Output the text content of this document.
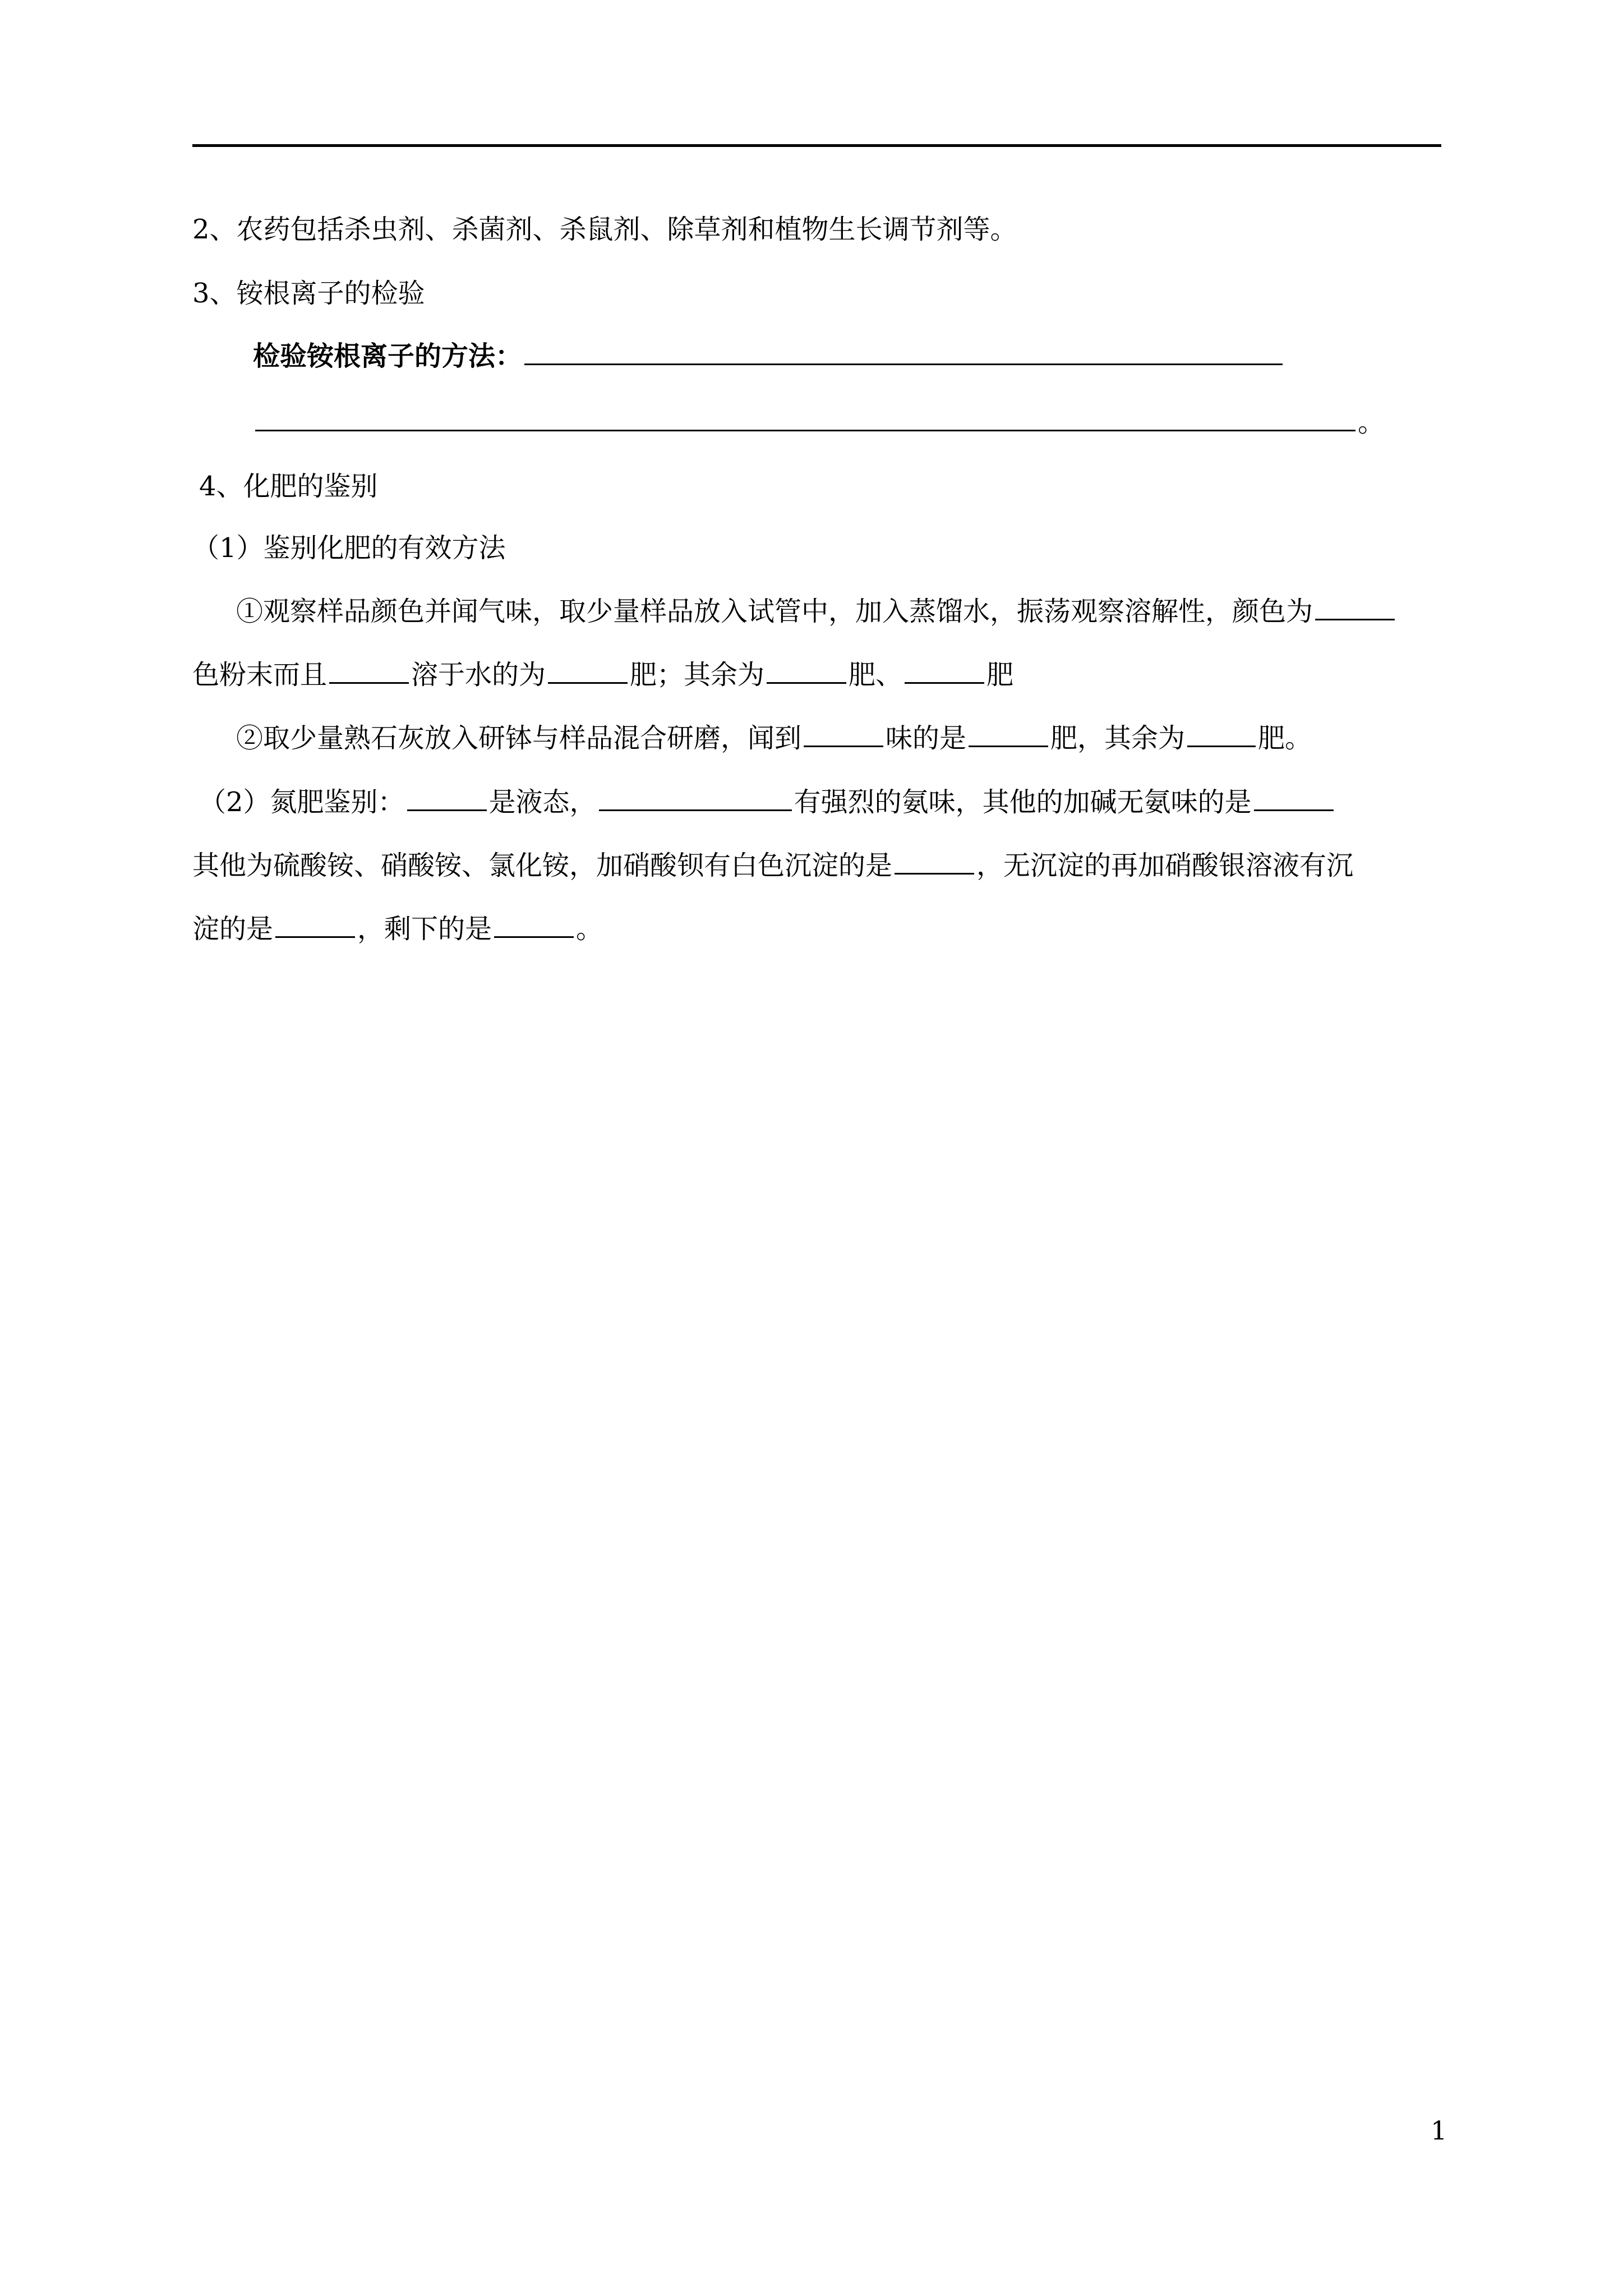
2、农药包括杀虫剂、杀菌剂、杀鼠剂、除草剂和植物生长调节剂等。
3、铵根离子的检验
检验铵根离子的方法：
。
4、化肥的鉴别
（1）鉴别化肥的有效方法
①观察样品颜色并闻气味，取少量样品放入试管中，加入蒸馏水，振荡观察溶解性，颜色为
色粉末而且	溶于水的为	肥；其余为	肥、	肥
②取少量熟石灰放入研钵与样品混合研磨，闻到	味的是	肥，其余为	肥。
（2）氮肥鉴别：	是液态，	有强烈的氨味，其他的加碱无氨味的是
其他为硫酸铵、硝酸铵、氯化铵，加硝酸钡有白色沉淀的是	，无沉淀的再加硝酸银溶液有沉
淀的是	，剩下的是	。
1
